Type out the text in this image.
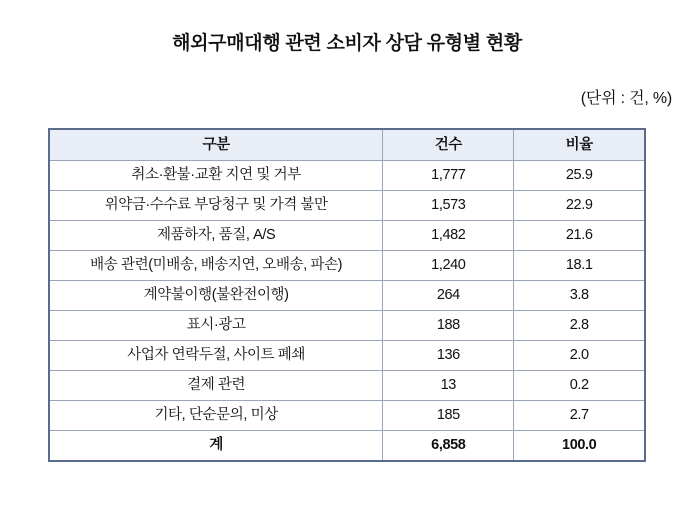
해외구매대행 관련 소비자 상담 유형별 현황
(단위 : 건, %)
구분	건수	비율
취소·환불·교환 지연 및 거부	1,777	25.9
위약금·수수료 부당청구 및 가격 불만	1,573	22.9
제품하자, 품질, A/S	1,482	21.6
배송 관련(미배송, 배송지연, 오배송, 파손)	1,240	18.1
계약불이행(불완전이행)	264	3.8
표시·광고	188	2.8
사업자 연락두절, 사이트 폐쇄	136	2.0
결제 관련	13	0.2
기타, 단순문의, 미상	185	2.7
계	6,858	100.0
